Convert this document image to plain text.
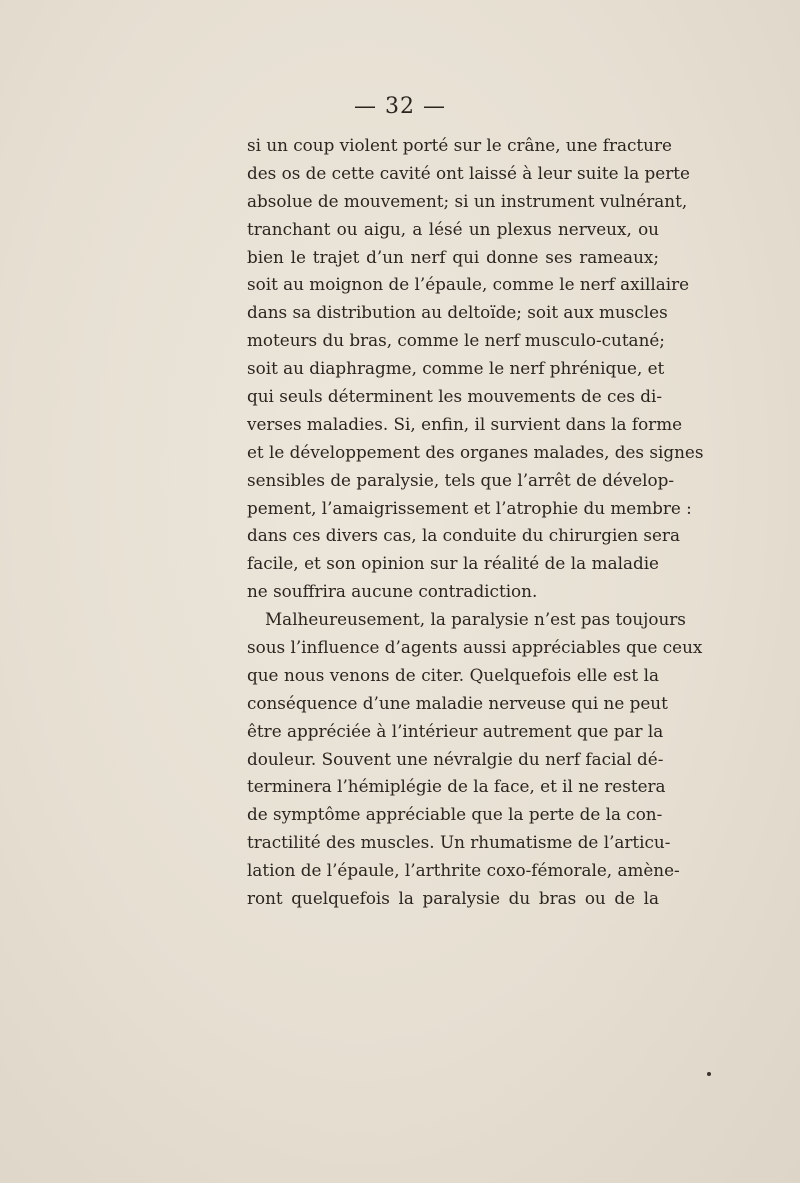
— 32 —
si un coup violent porté sur le crâne, une fracture
des os de cette cavité ont laissé à leur suite la perte
absolue de mouvement; si un instrument vulnérant,
tranchant ou aigu, a lésé un plexus nerveux, ou
bien le trajet d’un nerf qui donne ses rameaux;
soit au moignon de l’épaule, comme le nerf axillaire
dans sa distribution au deltoïde; soit aux muscles
moteurs du bras, comme le nerf musculo-cutané;
soit au diaphragme, comme le nerf phrénique, et
qui seuls déterminent les mouvements de ces di-
verses maladies. Si, enfin, il survient dans la forme
et le développement des organes malades, des signes
sensibles de paralysie, tels que l’arrêt de dévelop-
pement, l’amaigrissement et l’atrophie du membre :
dans ces divers cas, la conduite du chirurgien sera
facile, et son opinion sur la réalité de la maladie
ne souffrira aucune contradiction.
Malheureusement, la paralysie n’est pas toujours
sous l’influence d’agents aussi appréciables que ceux
que nous venons de citer. Quelquefois elle est la
conséquence d’une maladie nerveuse qui ne peut
être appréciée à l’intérieur autrement que par la
douleur. Souvent une névralgie du nerf facial dé-
terminera l’hémiplégie de la face, et il ne restera
de symptôme appréciable que la perte de la con-
tractilité des muscles. Un rhumatisme de l’articu-
lation de l’épaule, l’arthrite coxo-fémorale, amène-
ront quelquefois la paralysie du bras ou de la
